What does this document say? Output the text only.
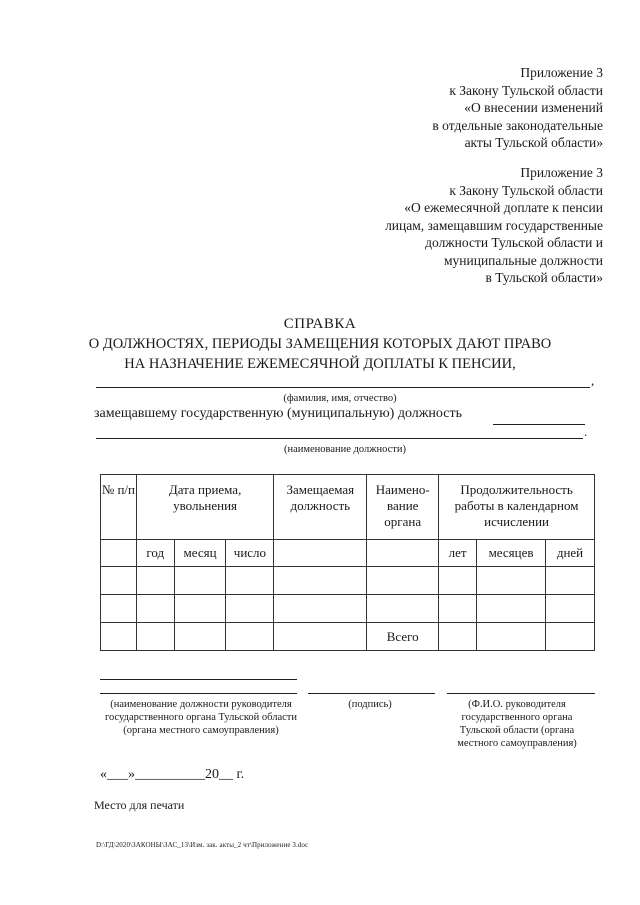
Приложение 3
к Закону Тульской области
«О внесении изменений
в отдельные законодательные
акты Тульской области»
Приложение 3
к Закону Тульской области
«О ежемесячной доплате к пенсии
лицам, замещавшим государственные
должности Тульской области и
муниципальные должности
в Тульской области»
СПРАВКА
О ДОЛЖНОСТЯХ, ПЕРИОДЫ ЗАМЕЩЕНИЯ КОТОРЫХ ДАЮТ ПРАВО
НА НАЗНАЧЕНИЕ ЕЖЕМЕСЯЧНОЙ ДОПЛАТЫ К ПЕНСИИ,
,
(фамилия, имя, отчество)
замещавшему государственную (муниципальную) должность
.
(наименование должности)
№ п/п	Дата приема, увольнения			Замещаемая должность	Наимено-вание органа	Продолжительность работы в календарном исчислении		
	год	месяц	число			лет	месяцев	дней

					Всего			
(наименование должности руководителя государственного органа Тульской области (органа местного самоуправления)
(подпись)	(Ф.И.О. руководителя государственного органа Тульской области (органа местного самоуправления)
«___»__________20__ г.
Место для печати
D:\ГД\2020\ЗАКОНЫ\ЗАС_13\Изм. зак. акты_2 чт\Приложение 3.doc
